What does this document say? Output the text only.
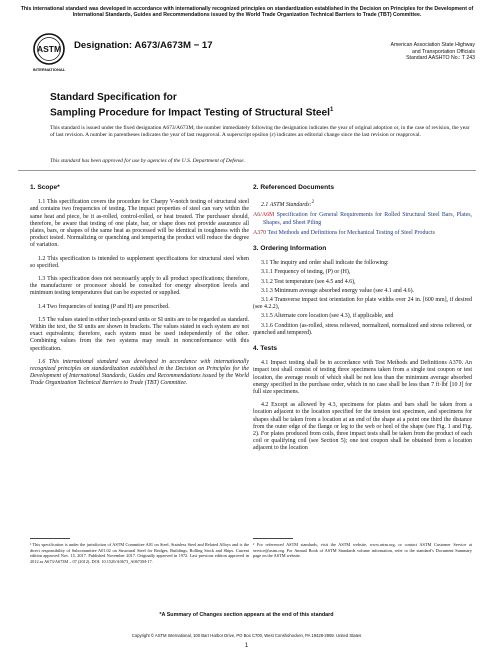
This international standard was developed in accordance with internationally recognized principles on standardization established in the Decision on Principles for the Development of International Standards, Guides and Recommendations issued by the World Trade Organization Technical Barriers to Trade (TBT) Committee.
ASTM
INTERNATIONAL
Designation: A673/A673M − 17	American Association State Highway
and Transportation Officials
Standard AASHTO No.: T 243
Standard Specification for
Sampling Procedure for Impact Testing of Structural Steel$^1$
This standard is issued under the fixed designation A673/A673M; the number immediately following the designation indicates the year of original adoption or, in the case of revision, the year of last revision. A number in parentheses indicates the year of last reapproval. A superscript epsilon (ε) indicates an editorial change since the last revision or reapproval.
This standard has been approved for use by agencies of the U.S. Department of Defense.
1. Scope*

1.1 This specification covers the procedure for Charpy V-notch testing of structural steel and contains two frequencies of testing. The impact properties of steel can vary within the same heat and piece, be it as-rolled, control-rolled, or heat treated. The purchaser should, therefore, be aware that testing of one plate, bar, or shape does not provide assurance all plates, bars, or shapes of the same heat as processed will be identical in toughness with the product tested. Normalizing or quenching and tempering the product will reduce the degree of variation.

1.2 This specification is intended to supplement specifications for structural steel when so specified.

1.3 This specification does not necessarily apply to all product specifications; therefore, the manufacturer or processor should be consulted for energy absorption levels and minimum testing temperatures that can be expected or supplied.

1.4 Two frequencies of testing (P and H) are prescribed.

1.5 The values stated in either inch-pound units or SI units are to be regarded as standard. Within the text, the SI units are shown in brackets. The values stated in each system are not exact equivalents; therefore, each system must be used independently of the other. Combining values from the two systems may result in nonconformance with this specification.

1.6 This international standard was developed in accordance with internationally recognized principles on standardization established in the Decision on Principles for the Development of International Standards, Guides and Recommendations issued by the World Trade Organization Technical Barriers to Trade (TBT) Committee.

2. Referenced Documents

2.1 ASTM Standards:$^2$

A6/A6M Specification for General Requirements for Rolled Structural Steel Bars, Plates, Shapes, and Sheet Piling

A370 Test Methods and Definitions for Mechanical Testing of Steel Products

3. Ordering Information

3.1 The inquiry and order shall indicate the following:

3.1.1 Frequency of testing, (P) or (H),

3.1.2 Test temperature (see 4.5 and 4.6),

3.1.3 Minimum average absorbed energy value (see 4.1 and 4.6).

3.1.4 Transverse impact test orientation for plate widths over 24 in. [600 mm], if desired (see 4.2.2),

3.1.5 Alternate core location (see 4.3), if applicable, and

3.1.6 Condition (as-rolled, stress relieved, normalized, normalized and stress relieved, or quenched and tempered).

4. Tests

4.1 Impact testing shall be in accordance with Test Methods and Definitions A370. An impact test shall consist of testing three specimens taken from a single test coupon or test location, the average result of which shall be not less than the minimum average absorbed energy specified in the purchase order, which in no case shall be less than 7 ft·lbf [10 J] for full size specimens.

4.2 Except as allowed by 4.3, specimens for plates and bars shall be taken from a location adjacent to the location specified for the tension test specimen, and specimens for shapes shall be taken from a location at an end of the shape at a point one third the distance from the outer edge of the flange or leg to the web or heel of the shape (see Fig. 1 and Fig. 2). For plates produced from coils, three impact tests shall be taken from the product of each coil or qualifying coil (see Section 5); one test coupon shall be obtained from a location adjacent to the location

¹ This specification is under the jurisdiction of ASTM Committee A01 on Steel, Stainless Steel and Related Alloys and is the direct responsibility of Subcommittee A01.02 on Structural Steel for Bridges, Buildings, Rolling Stock and Ships. Current edition approved Nov. 15, 2017. Published November 2017. Originally approved in 1972. Last previous edition approved in 2012 as A673/A673M – 07 (2012). DOI: 10.1520/A0673_A0673M-17.
² For referenced ASTM standards, visit the ASTM website, www.astm.org, or contact ASTM Customer Service at service@astm.org. For Annual Book of ASTM Standards volume information, refer to the standard’s Document Summary page on the ASTM website.
*A Summary of Changes section appears at the end of this standard
Copyright © ASTM International, 100 Barr Harbor Drive, PO Box C700, West Conshohocken, PA 19428-2959. United States
1
